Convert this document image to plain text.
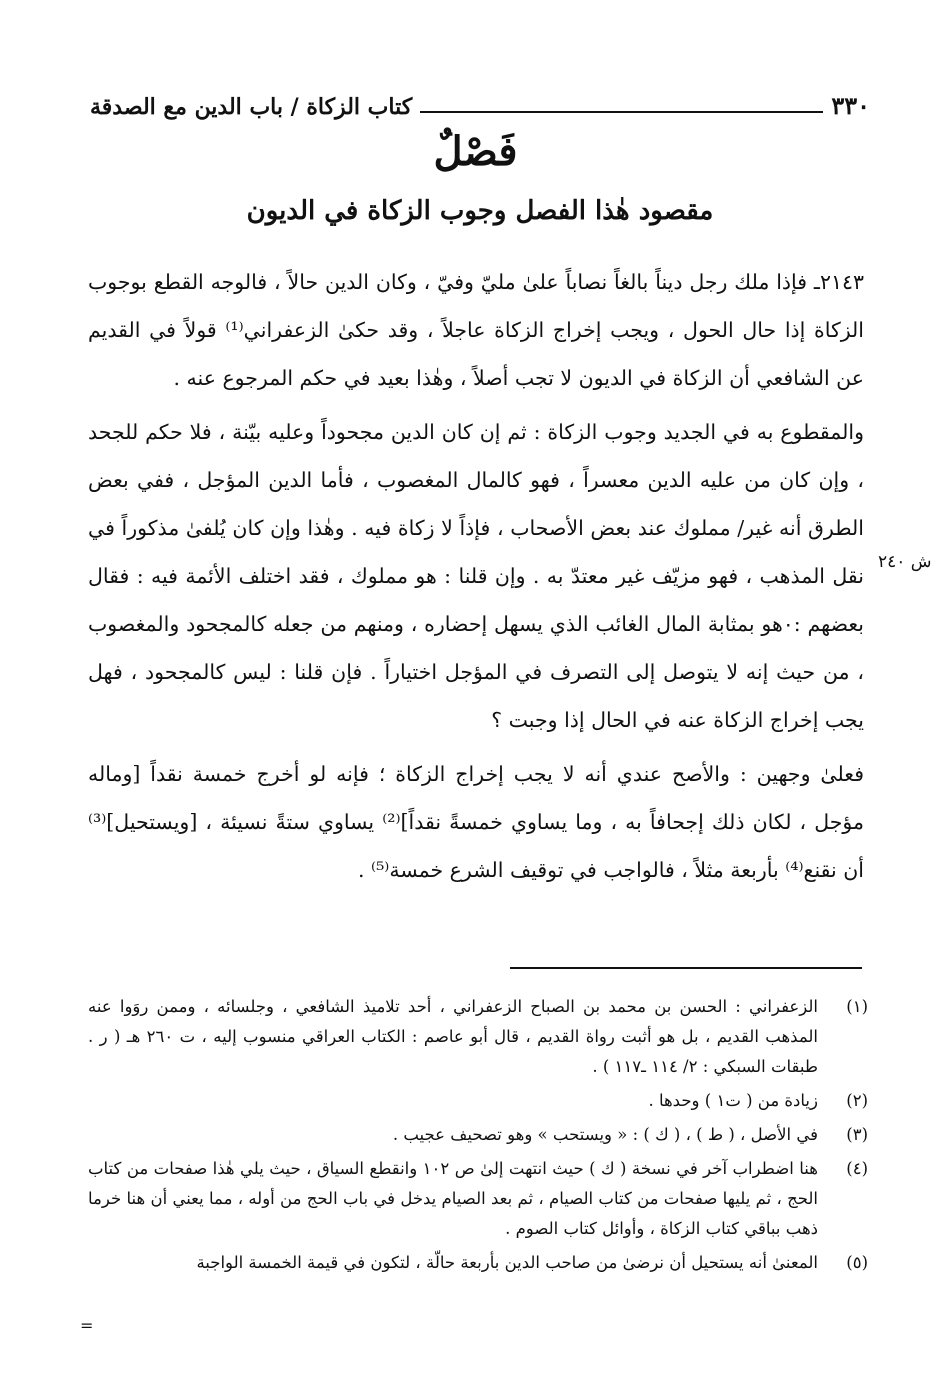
٣٣٠
كتاب الزكاة / باب الدين مع الصدقة
فَصْلٌ
مقصود هٰذا الفصل وجوب الزكاة في الديون
ش ٢٤٠

٢١٤٣ـ فإذا ملك رجل ديناً بالغاً نصاباً علىٰ مليّ وفيّ ، وكان الدين حالاً ، فالوجه القطع بوجوب الزكاة إذا حال الحول ، ويجب إخراج الزكاة عاجلاً ، وقد حكىٰ الزعفراني⁽¹⁾ قولاً في القديم عن الشافعي أن الزكاة في الديون لا تجب أصلاً ، وهٰذا بعيد في حكم المرجوع عنه .

والمقطوع به في الجديد وجوب الزكاة : ثم إن كان الدين مجحوداً وعليه بيّنة ، فلا حكم للجحد ، وإن كان من عليه الدين معسراً ، فهو كالمال المغصوب ، فأما الدين المؤجل ، ففي بعض الطرق أنه غير/ مملوك عند بعض الأصحاب ، فإذاً لا زكاة فيه . وهٰذا وإن كان يُلفىٰ مذكوراً في نقل المذهب ، فهو مزيّف غير معتدّ به . وإن قلنا : هو مملوك ، فقد اختلف الأئمة فيه : فقال بعضهم :٠هو بمثابة المال الغائب الذي يسهل إحضاره ، ومنهم من جعله كالمجحود والمغصوب ، من حيث إنه لا يتوصل إلى التصرف في المؤجل اختياراً . فإن قلنا : ليس كالمجحود ، فهل يجب إخراج الزكاة عنه في الحال إذا وجبت ؟

فعلىٰ وجهين : والأصح عندي أنه لا يجب إخراج الزكاة ؛ فإنه لو أخرج خمسة نقداً [وماله مؤجل ، لكان ذلك إجحافاً به ، وما يساوي خمسةً نقداً]⁽²⁾ يساوي ستةً نسيئة ، [ويستحيل]⁽³⁾ أن نقنع⁽⁴⁾ بأربعة مثلاً ، فالواجب في توقيف الشرع خمسة⁽⁵⁾ .

(١)
الزعفراني : الحسن بن محمد بن الصباح الزعفراني ، أحد تلاميذ الشافعي ، وجلسائه ، وممن روَوا عنه المذهب القديم ، بل هو أثبت رواة القديم ، قال أبو عاصم : الكتاب العراقي منسوب إليه ، ت ٢٦٠ هـ ( ر . طبقات السبكي : ٢/ ١١٤ ـ١١٧ ) .
(٢)
زيادة من ( ت١ ) وحدها .
(٣)
في الأصل ، ( ط ) ، ( ك ) : « ويستحب » وهو تصحيف عجيب .
(٤)
هنا اضطراب آخر في نسخة ( ك ) حيث انتهت إلىٰ ص ١٠٢ وانقطع السياق ، حيث يلي هٰذا صفحات من كتاب الحج ، ثم يليها صفحات من كتاب الصيام ، ثم بعد الصيام يدخل في باب الحج من أوله ، مما يعني أن هنا خرما ذهب بباقي كتاب الزكاة ، وأوائل كتاب الصوم .
(٥)
المعنىٰ أنه يستحيل أن نرضىٰ من صاحب الدين بأربعة حالّة ، لتكون في قيمة الخمسة الواجبة
=
